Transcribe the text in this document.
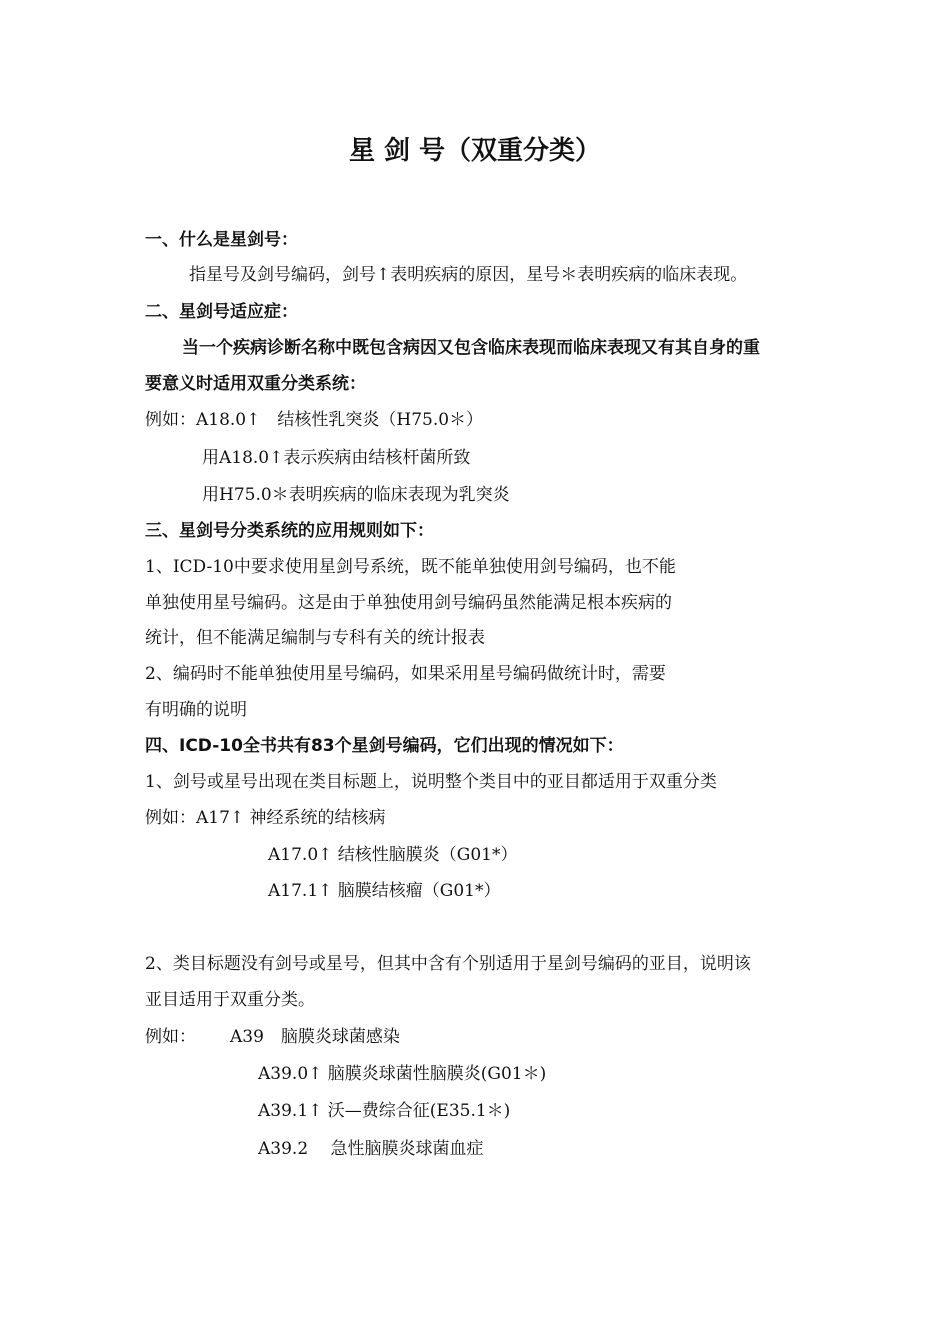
星 剑 号（双重分类）
一、什么是星剑号：
指星号及剑号编码，剑号↑表明疾病的原因，星号＊表明疾病的临床表现。
二、星剑号适应症：
当一个疾病诊断名称中既包含病因又包含临床表现而临床表现又有其自身的重
要意义时适用双重分类系统：
例如：A18.0↑　结核性乳突炎（H75.0＊）
用A18.0↑表示疾病由结核杆菌所致
用H75.0＊表明疾病的临床表现为乳突炎
三、星剑号分类系统的应用规则如下：
1、ICD-10中要求使用星剑号系统，既不能单独使用剑号编码，也不能
单独使用星号编码。这是由于单独使用剑号编码虽然能满足根本疾病的
统计，但不能满足编制与专科有关的统计报表
2、编码时不能单独使用星号编码，如果采用星号编码做统计时，需要
有明确的说明
四、ICD-10全书共有83个星剑号编码，它们出现的情况如下：
1、剑号或星号出现在类目标题上，说明整个类目中的亚目都适用于双重分类
例如：A17↑ 神经系统的结核病
A17.0↑ 结核性脑膜炎（G01*）
A17.1↑ 脑膜结核瘤（G01*）
2、类目标题没有剑号或星号，但其中含有个别适用于星剑号编码的亚目，说明该
亚目适用于双重分类。
例如： A39　脑膜炎球菌感染
A39.0↑ 脑膜炎球菌性脑膜炎(G01＊)
A39.1↑ 沃—费综合征(E35.1＊)
A39.2　 急性脑膜炎球菌血症
